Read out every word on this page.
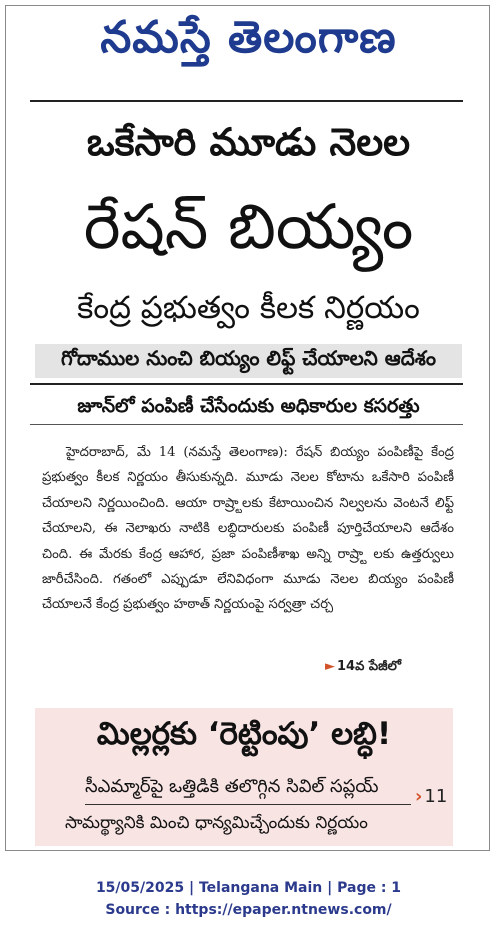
నమస్తే తెలంగాణ
ఒకేసారి మూడు నెలల
రేషన్ బియ్యం
కేంద్ర ప్రభుత్వం కీలక నిర్ణయం
గోదాముల నుంచి బియ్యం లిఫ్ట్ చేయాలని ఆదేశం
జూన్‌లో పంపిణీ చేసేందుకు అధికారుల కసరత్తు

హైదరాబాద్, మే 14 (నమస్తే తెలంగాణ): రేషన్ బియ్యం పంపిణీపై కేంద్ర ప్రభుత్వం కీలక నిర్ణయం తీసుకున్నది. మూడు నెలల కోటాను ఒకేసారి పంపిణీ చేయాలని నిర్ణయించింది. ఆయా రాష్ర్టాలకు కేటాయించిన నిల్వలను వెంటనే లిఫ్ట్ చేయాలని, ఈ నెలాఖరు నాటికి లబ్ధిదారులకు పంపిణీ పూర్తిచేయాలని ఆదేశం చింది. ఈ మేరకు కేంద్ర ఆహార, ప్రజా పంపిణీశాఖ అన్ని రాష్ర్టా లకు ఉత్తర్వులు జారీచేసింది. గతంలో ఎప్పుడూ లేనివిధంగా మూడు నెలల బియ్యం పంపిణీ చేయాలనే కేంద్ర ప్రభుత్వం హఠాత్ నిర్ణయంపై సర్వత్రా చర్చ

► 14వ పేజీలో
మిల్లర్లకు ‘రెట్టింపు’ లబ్ధి!
సీఎమ్మార్‌పై ఒత్తిడికి తలొగ్గిన సివిల్ సప్లయ్
సామర్థ్యానికి మించి ధాన్యమిచ్చేందుకు నిర్ణయం
› 11
15/05/2025 | Telangana Main | Page : 1
Source : https://epaper.ntnews.com/
